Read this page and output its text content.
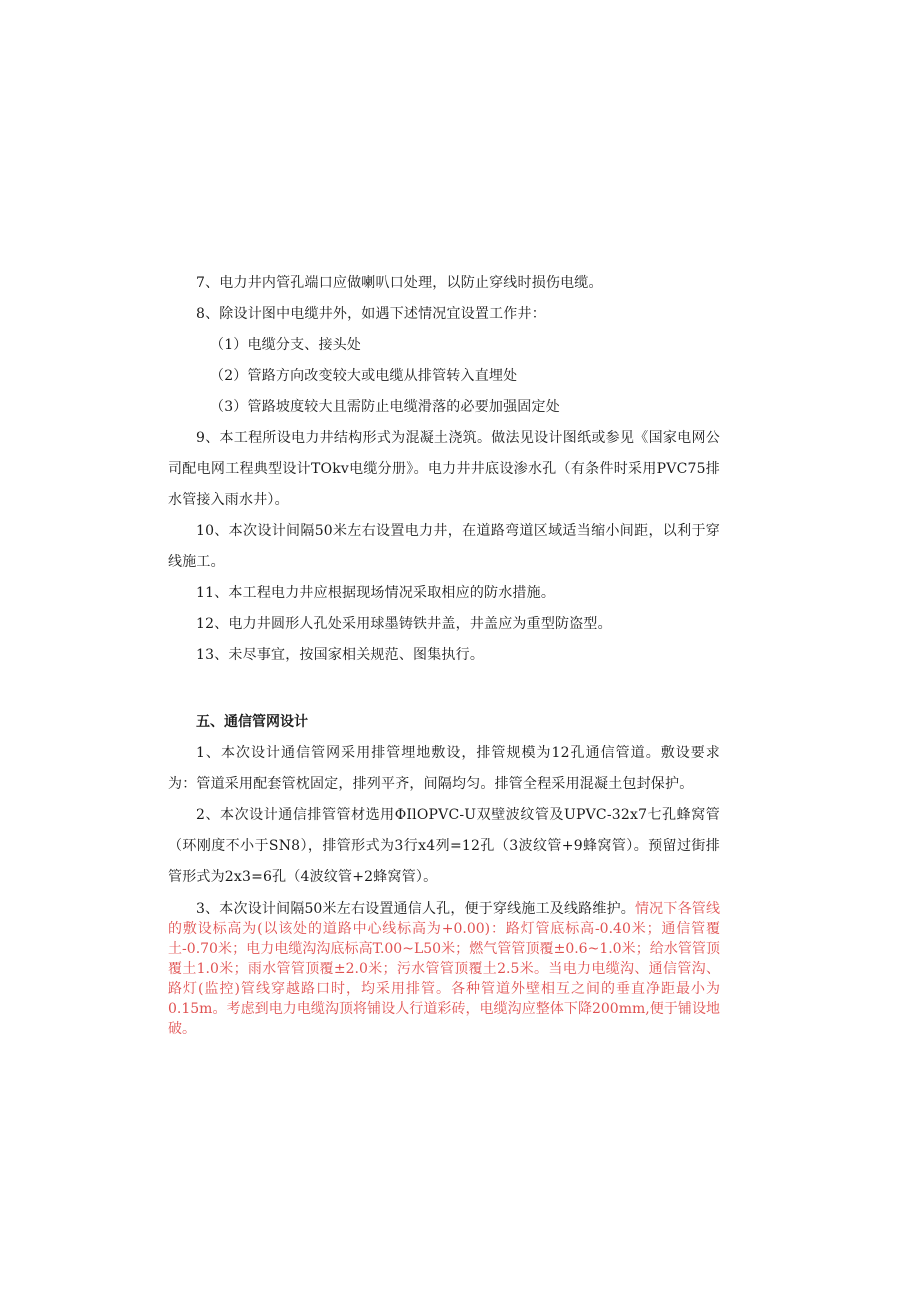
7、电力井内管孔端口应做喇叭口处理，以防止穿线时损伤电缆。

8、除设计图中电缆井外，如遇下述情况宜设置工作井：

（1）电缆分支、接头处

（2）管路方向改变较大或电缆从排管转入直埋处

（3）管路坡度较大且需防止电缆滑落的必要加强固定处

9、本工程所设电力井结构形式为混凝土浇筑。做法见设计图纸或参见《国家电网公司配电网工程典型设计TOkv电缆分册》。电力井井底设渗水孔（有条件时采用PVC75排水管接入雨水井）。

10、本次设计间隔50米左右设置电力井，在道路弯道区域适当缩小间距，以利于穿线施工。

11、本工程电力井应根据现场情况采取相应的防水措施。

12、电力井圆形人孔处采用球墨铸铁井盖，井盖应为重型防盗型。

13、未尽事宜，按国家相关规范、图集执行。

五、通信管网设计

1、本次设计通信管网采用排管埋地敷设，排管规模为12孔通信管道。敷设要求为：管道采用配套管枕固定，排列平齐，间隔均匀。排管全程采用混凝土包封保护。

2、本次设计通信排管管材选用ΦIlOPVC-U双壁波纹管及UPVC-32x7七孔蜂窝管（环刚度不小于SN8），排管形式为3行x4列=12孔（3波纹管+9蜂窝管）。预留过街排管形式为2x3=6孔（4波纹管+2蜂窝管）。

3、本次设计间隔50米左右设置通信人孔，便于穿线施工及线路维护。情况下各管线的敷设标高为(以该处的道路中心线标高为+0.00)：路灯管底标高-0.40米；通信管覆土-0.70米；电力电缆沟沟底标高T.00~L50米；燃气管管顶覆±0.6~1.0米；给水管管顶覆土1.0米；雨水管管顶覆±2.0米；污水管管顶覆土2.5米。当电力电缆沟、通信管沟、路灯(监控)管线穿越路口时，均采用排管。各种管道外壁相互之间的垂直净距最小为0.15m。考虑到电力电缆沟顶将铺设人行道彩砖，电缆沟应整体下降200mm,便于铺设地破。
